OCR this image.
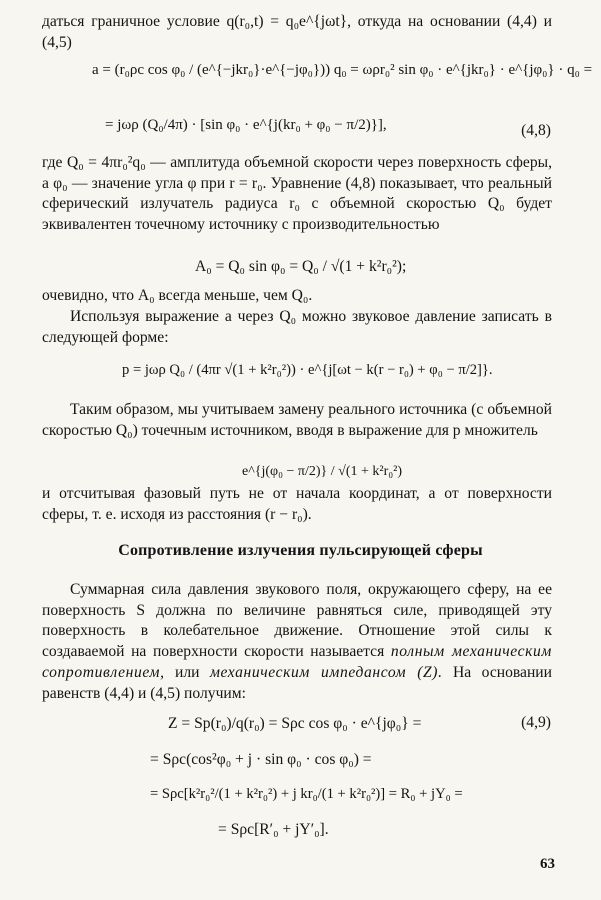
даться граничное условие q(r₀,t) = q₀e^{jωt}, откуда на основании (4,4) и (4,5)

a = (r₀ρc cos φ₀ / (e^{−jkr₀}·e^{−jφ₀})) q₀ = ωρr₀² sin φ₀ · e^{jkr₀} · e^{jφ₀} · q₀ =
= jωρ (Q₀/4π) · [sin φ₀ · e^{j(kr₀ + φ₀ − π/2)}],	(4,8)

где Q₀ = 4πr₀²q₀ — амплитуда объемной скорости через поверхность сферы, а φ₀ — значение угла φ при r = r₀. Уравнение (4,8) показывает, что реальный сферический излучатель радиуса r₀ с объемной скоростью Q₀ будет эквивалентен точечному источнику с производительностью

A₀ = Q₀ sin φ₀ = Q₀ / √(1 + k²r₀²);

очевидно, что A₀ всегда меньше, чем Q₀.

Используя выражение a через Q₀ можно звуковое давление записать в следующей форме:

p = jωρ Q₀ / (4πr √(1 + k²r₀²)) · e^{j[ωt − k(r − r₀) + φ₀ − π/2]}.

Таким образом, мы учитываем замену реального источника (с объемной скоростью Q₀) точечным источником, вводя в выражение для p множитель

e^{j(φ₀ − π/2)} / √(1 + k²r₀²)

и отсчитывая фазовый путь не от начала координат, а от поверхности сферы, т. е. исходя из расстояния (r − r₀).

Сопротивление излучения пульсирующей сферы

Суммарная сила давления звукового поля, окружающего сферу, на ее поверхность S должна по величине равняться силе, приводящей эту поверхность в колебательное движение. Отношение этой силы к создаваемой на поверхности скорости называется полным механическим сопротивлением, или механическим импедансом (Z). На основании равенств (4,4) и (4,5) получим:

Z = Sp(r₀)/q(r₀) = Sρc cos φ₀ · e^{jφ₀} =	(4,9)
= Sρc(cos²φ₀ + j · sin φ₀ · cos φ₀) =
= Sρc[k²r₀²/(1 + k²r₀²) + j kr₀/(1 + k²r₀²)] = R₀ + jY₀ =
= Sρc[R′₀ + jY′₀].
63
